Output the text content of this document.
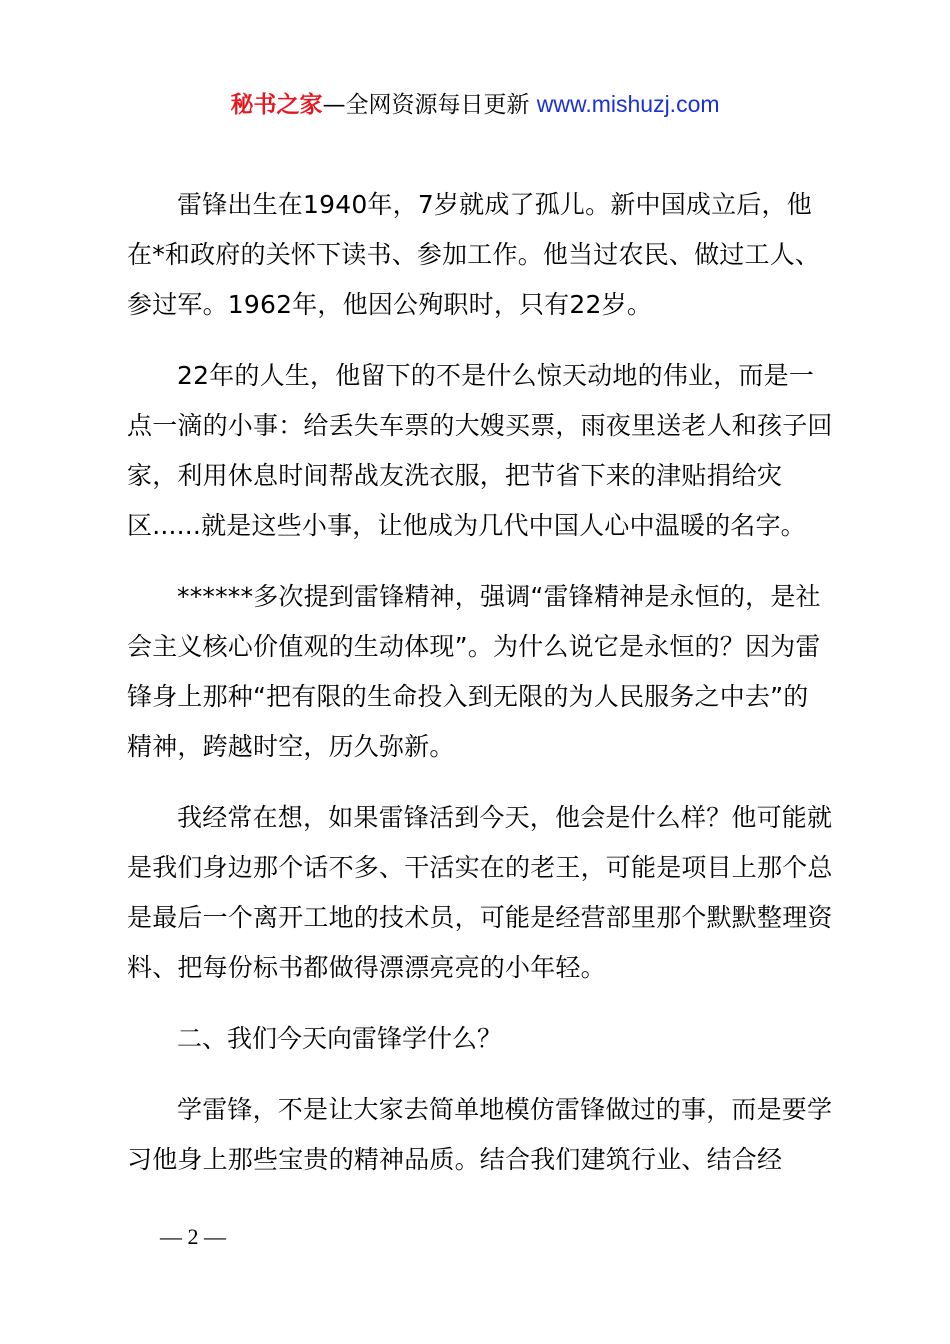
秘书之家—全网资源每日更新 www.mishuzj.com

雷锋出生在1940年，7岁就成了孤儿。新中国成立后，他在*和政府的关怀下读书、参加工作。他当过农民、做过工人、参过军。1962年，他因公殉职时，只有22岁。

22年的人生，他留下的不是什么惊天动地的伟业，而是一点一滴的小事：给丢失车票的大嫂买票，雨夜里送老人和孩子回家，利用休息时间帮战友洗衣服，把节省下来的津贴捐给灾区......就是这些小事，让他成为几代中国人心中温暖的名字。

******多次提到雷锋精神，强调“雷锋精神是永恒的，是社会主义核心价值观的生动体现”。为什么说它是永恒的？因为雷锋身上那种“把有限的生命投入到无限的为人民服务之中去”的精神，跨越时空，历久弥新。

我经常在想，如果雷锋活到今天，他会是什么样？他可能就是我们身边那个话不多、干活实在的老王，可能是项目上那个总是最后一个离开工地的技术员，可能是经营部里那个默默整理资料、把每份标书都做得漂漂亮亮的小年轻。

二、我们今天向雷锋学什么？

学雷锋，不是让大家去简单地模仿雷锋做过的事，而是要学习他身上那些宝贵的精神品质。结合我们建筑行业、结合经

— 2 —
